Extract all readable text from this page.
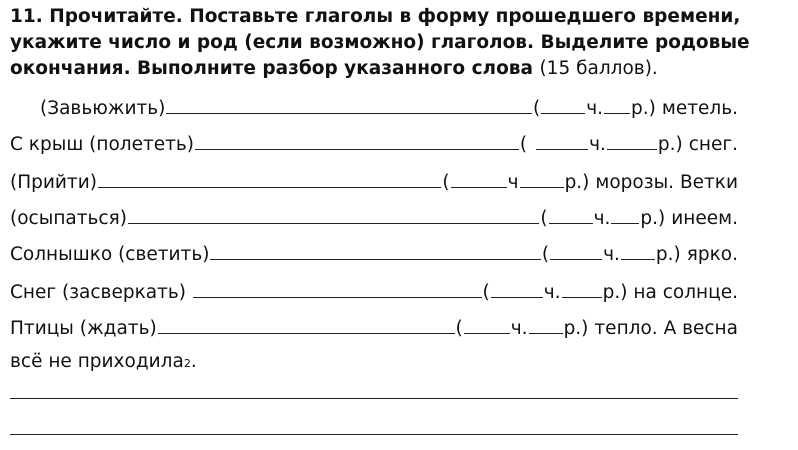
11. Прочитайте. Поставьте глаголы в форму прошедшего времени, укажите число и род (если возможно) глаголов. Выделите родовые окончания. Выполните разбор указанного слова (15 баллов).
(Завьюжить)	( ч. р.) метель.
С крыш (полететь)	(	ч.	р.) снег.
(Прийти)	(	ч р.) морозы. Ветки
(осыпаться)	( ч. р.) инеем.
Солнышко (светить)	(	ч. р.) ярко.
Снег (засверкать)	(	ч. р.) на солнце.
Птицы (ждать)	(	ч. р.) тепло. А весна
всё не приходила 2 .
